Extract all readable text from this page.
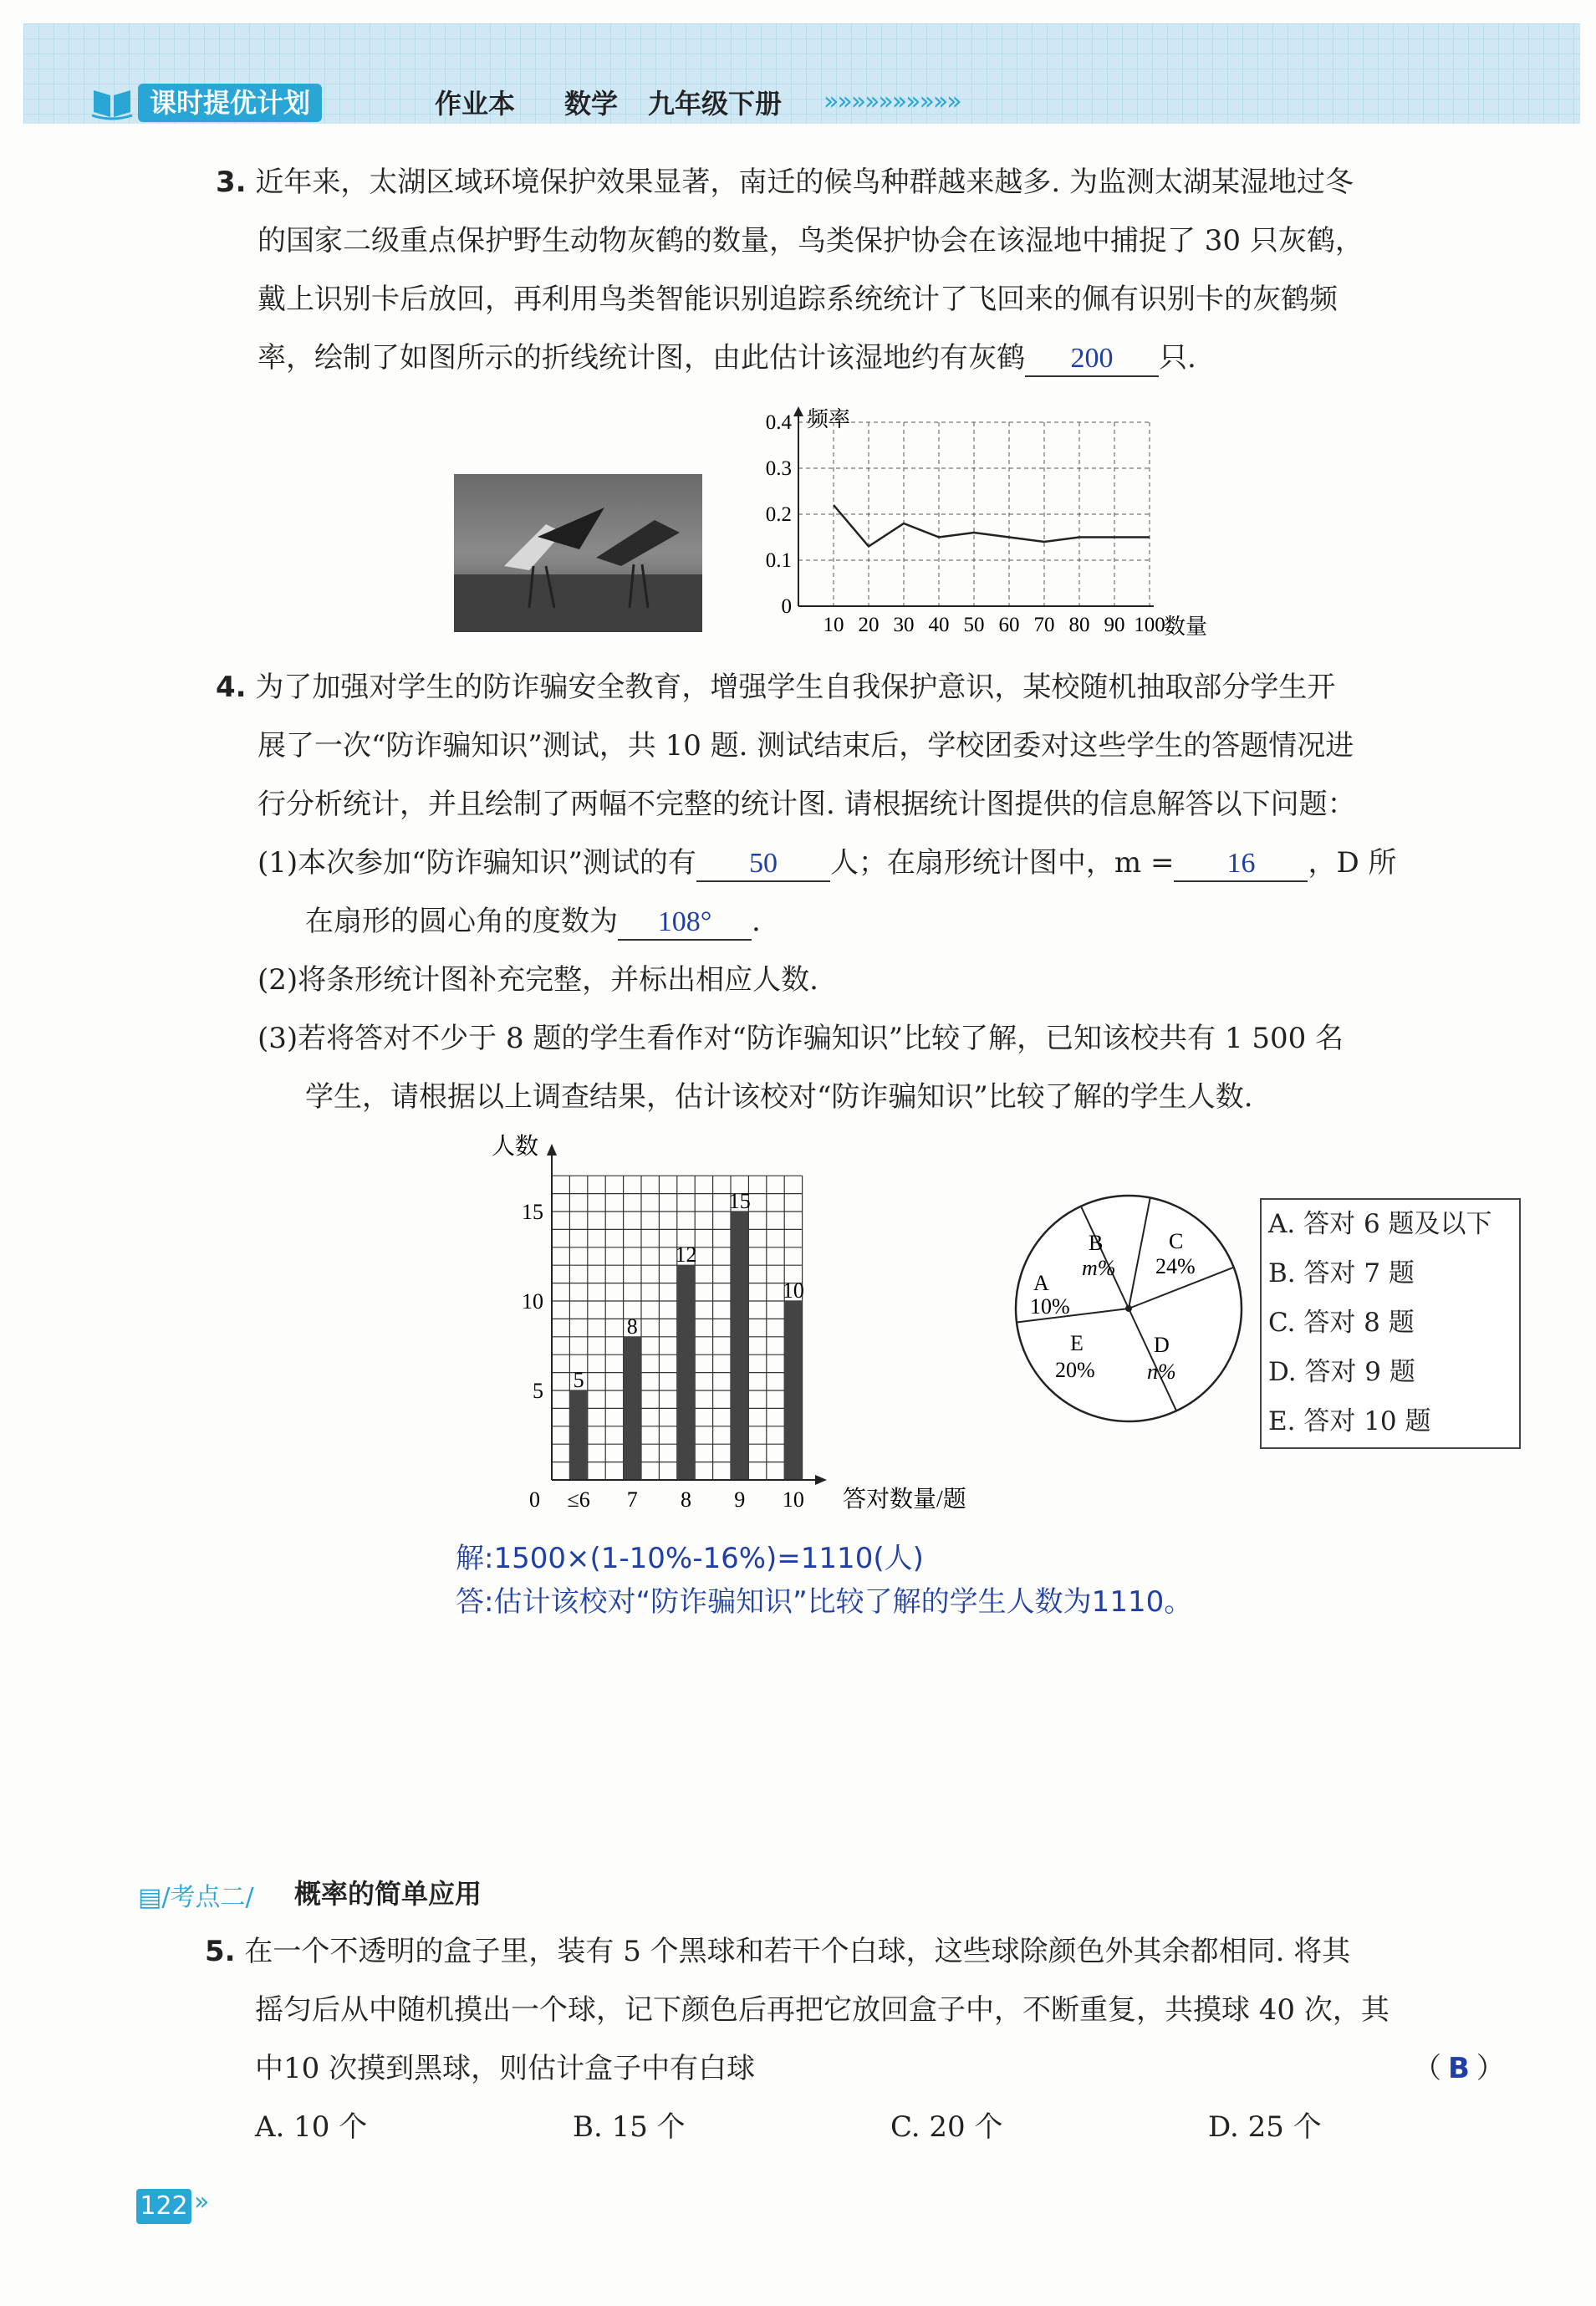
课时提优计划	作业本 数学 九年级下册 »»»»»»»»»»
3. 近年来，太湖区域环境保护效果显著，南迁的候鸟种群越来越多. 为监测太湖某湿地过冬
的国家二级重点保护野生动物灰鹤的数量，鸟类保护协会在该湿地中捕捉了 30 只灰鹤，
戴上识别卡后放回，再利用鸟类智能识别追踪系统统计了飞回来的佩有识别卡的灰鹤频
率，绘制了如图所示的折线统计图，由此估计该湿地约有灰鹤 200 只.
频率
数量
0.4
0.3
0.2
0.1
0
10 20 30 40 50 60 70 80 90 100
4. 为了加强对学生的防诈骗安全教育，增强学生自我保护意识，某校随机抽取部分学生开
展了一次“防诈骗知识”测试，共 10 题. 测试结束后，学校团委对这些学生的答题情况进
行分析统计，并且绘制了两幅不完整的统计图. 请根据统计图提供的信息解答以下问题：
(1)本次参加“防诈骗知识”测试的有 50 人；在扇形统计图中，m = 16 ，D 所
在扇形的圆心角的度数为 108° .
(2)将条形统计图补充完整，并标出相应人数.
(3)若将答对不少于 8 题的学生看作对“防诈骗知识”比较了解，已知该校共有 1 500 名
学生，请根据以上调查结果，估计该校对“防诈骗知识”比较了解的学生人数.
人数
答对数量/题
15
10
5
0 ≤6 7 8 9 10
5
8
12
15
10	A
10%
B
m%
C
24%
D
n%
E
20%
A. 答对 6 题及以下
B. 答对 7 题
C. 答对 8 题
D. 答对 9 题
E. 答对 10 题
解:1500×(1-10%-16%)=1110(人)
答:估计该校对“防诈骗知识”比较了解的学生人数为1110。
▤/考点二/ 概率的简单应用
5. 在一个不透明的盒子里，装有 5 个黑球和若干个白球，这些球除颜色外其余都相同. 将其
摇匀后从中随机摸出一个球，记下颜色后再把它放回盒子中，不断重复，共摸球 40 次，其
中10 次摸到黑球，则估计盒子中有白球	（ B ）
A. 10 个	B. 15 个	C. 20 个	D. 25 个
122 »
